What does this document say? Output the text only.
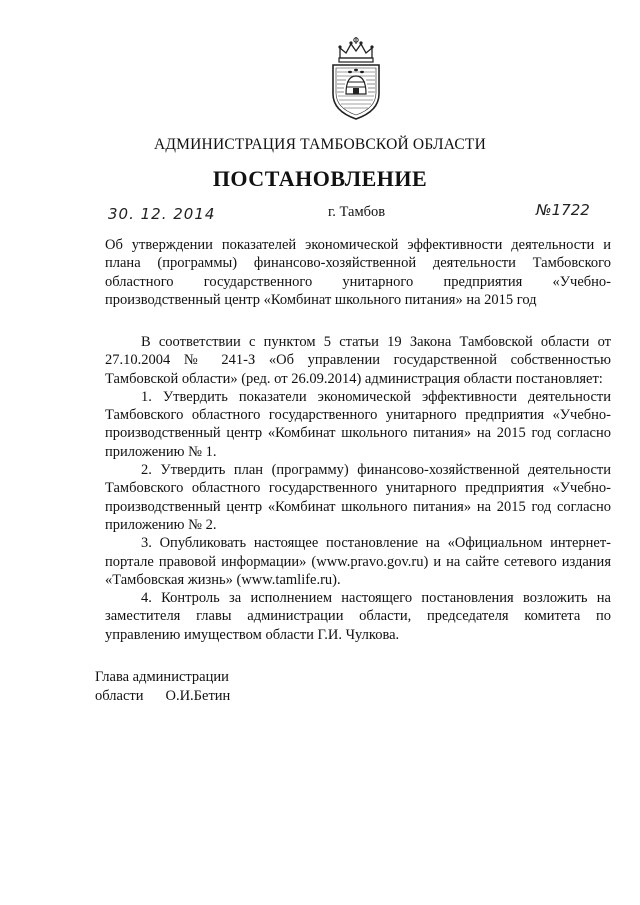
АДМИНИСТРАЦИЯ ТАМБОВСКОЙ ОБЛАСТИ
ПОСТАНОВЛЕНИЕ
30. 12. 2014	г. Тамбов	№1722
Об утверждении показателей экономической эффективности деятельности и плана (программы) финансово-хозяйственной деятельности Тамбовского областного государственного унитарного предприятия «Учебно-производственный центр «Комбинат школьного питания» на 2015 год

В соответствии с пунктом 5 статьи 19 Закона Тамбовской области от 27.10.2004 № 241-З «Об управлении государственной собственностью Тамбовской области» (ред. от 26.09.2014) администрация области постановляет:

1. Утвердить показатели экономической эффективности деятельности Тамбовского областного государственного унитарного предприятия «Учебно-производственный центр «Комбинат школьного питания» на 2015 год согласно приложению № 1.

2. Утвердить план (программу) финансово-хозяйственной деятельности Тамбовского областного государственного унитарного предприятия «Учебно-производственный центр «Комбинат школьного питания» на 2015 год согласно приложению № 2.

3. Опубликовать настоящее постановление на «Официальном интернет-портале правовой информации» (www.pravo.gov.ru) и на сайте сетевого издания «Тамбовская жизнь» (www.tamlife.ru).

4. Контроль за исполнением настоящего постановления возложить на заместителя главы администрации области, председателя комитета по управлению имуществом области Г.И. Чулкова.

Глава администрации
области О.И.Бетин
